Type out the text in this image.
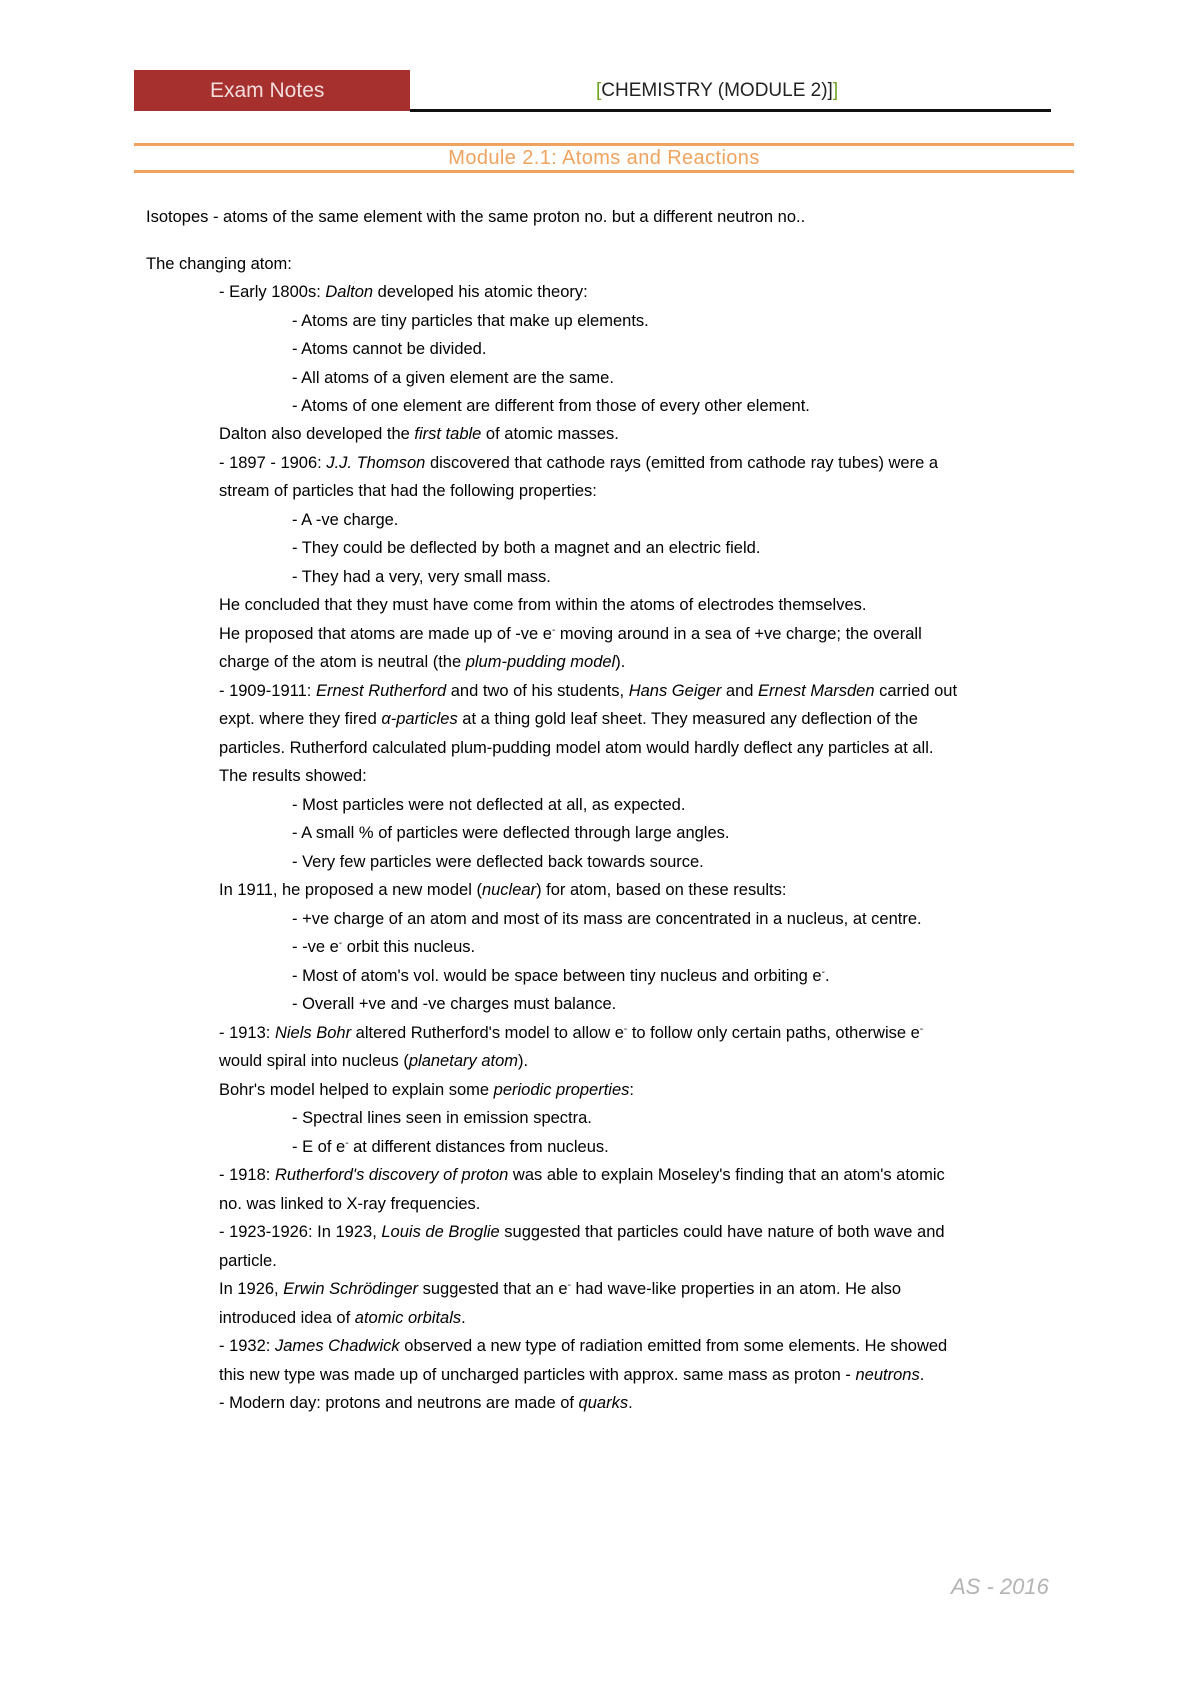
Exam Notes	[CHEMISTRY (MODULE 2)]]
Module 2.1: Atoms and Reactions
Isotopes - atoms of the same element with the same proton no. but a different neutron no..
The changing atom:
- Early 1800s: Dalton developed his atomic theory:
- Atoms are tiny particles that make up elements.
- Atoms cannot be divided.
- All atoms of a given element are the same.
- Atoms of one element are different from those of every other element.
Dalton also developed the first table of atomic masses.
- 1897 - 1906: J.J. Thomson discovered that cathode rays (emitted from cathode ray tubes) were a
stream of particles that had the following properties:
- A -ve charge.
- They could be deflected by both a magnet and an electric field.
- They had a very, very small mass.
He concluded that they must have come from within the atoms of electrodes themselves.
He proposed that atoms are made up of -ve e- moving around in a sea of +ve charge; the overall
charge of the atom is neutral (the plum-pudding model).
- 1909-1911: Ernest Rutherford and two of his students, Hans Geiger and Ernest Marsden carried out
expt. where they fired α-particles at a thing gold leaf sheet. They measured any deflection of the
particles. Rutherford calculated plum-pudding model atom would hardly deflect any particles at all.
The results showed:
- Most particles were not deflected at all, as expected.
- A small % of particles were deflected through large angles.
- Very few particles were deflected back towards source.
In 1911, he proposed a new model (nuclear) for atom, based on these results:
- +ve charge of an atom and most of its mass are concentrated in a nucleus, at centre.
- -ve e- orbit this nucleus.
- Most of atom's vol. would be space between tiny nucleus and orbiting e-.
- Overall +ve and -ve charges must balance.
- 1913: Niels Bohr altered Rutherford's model to allow e- to follow only certain paths, otherwise e-
would spiral into nucleus (planetary atom).
Bohr's model helped to explain some periodic properties:
- Spectral lines seen in emission spectra.
- E of e- at different distances from nucleus.
- 1918: Rutherford's discovery of proton was able to explain Moseley's finding that an atom's atomic
no. was linked to X-ray frequencies.
- 1923-1926: In 1923, Louis de Broglie suggested that particles could have nature of both wave and
particle.
In 1926, Erwin Schrödinger suggested that an e- had wave-like properties in an atom. He also
introduced idea of atomic orbitals.
- 1932: James Chadwick observed a new type of radiation emitted from some elements. He showed
this new type was made up of uncharged particles with approx. same mass as proton - neutrons.
- Modern day: protons and neutrons are made of quarks.
AS - 2016
